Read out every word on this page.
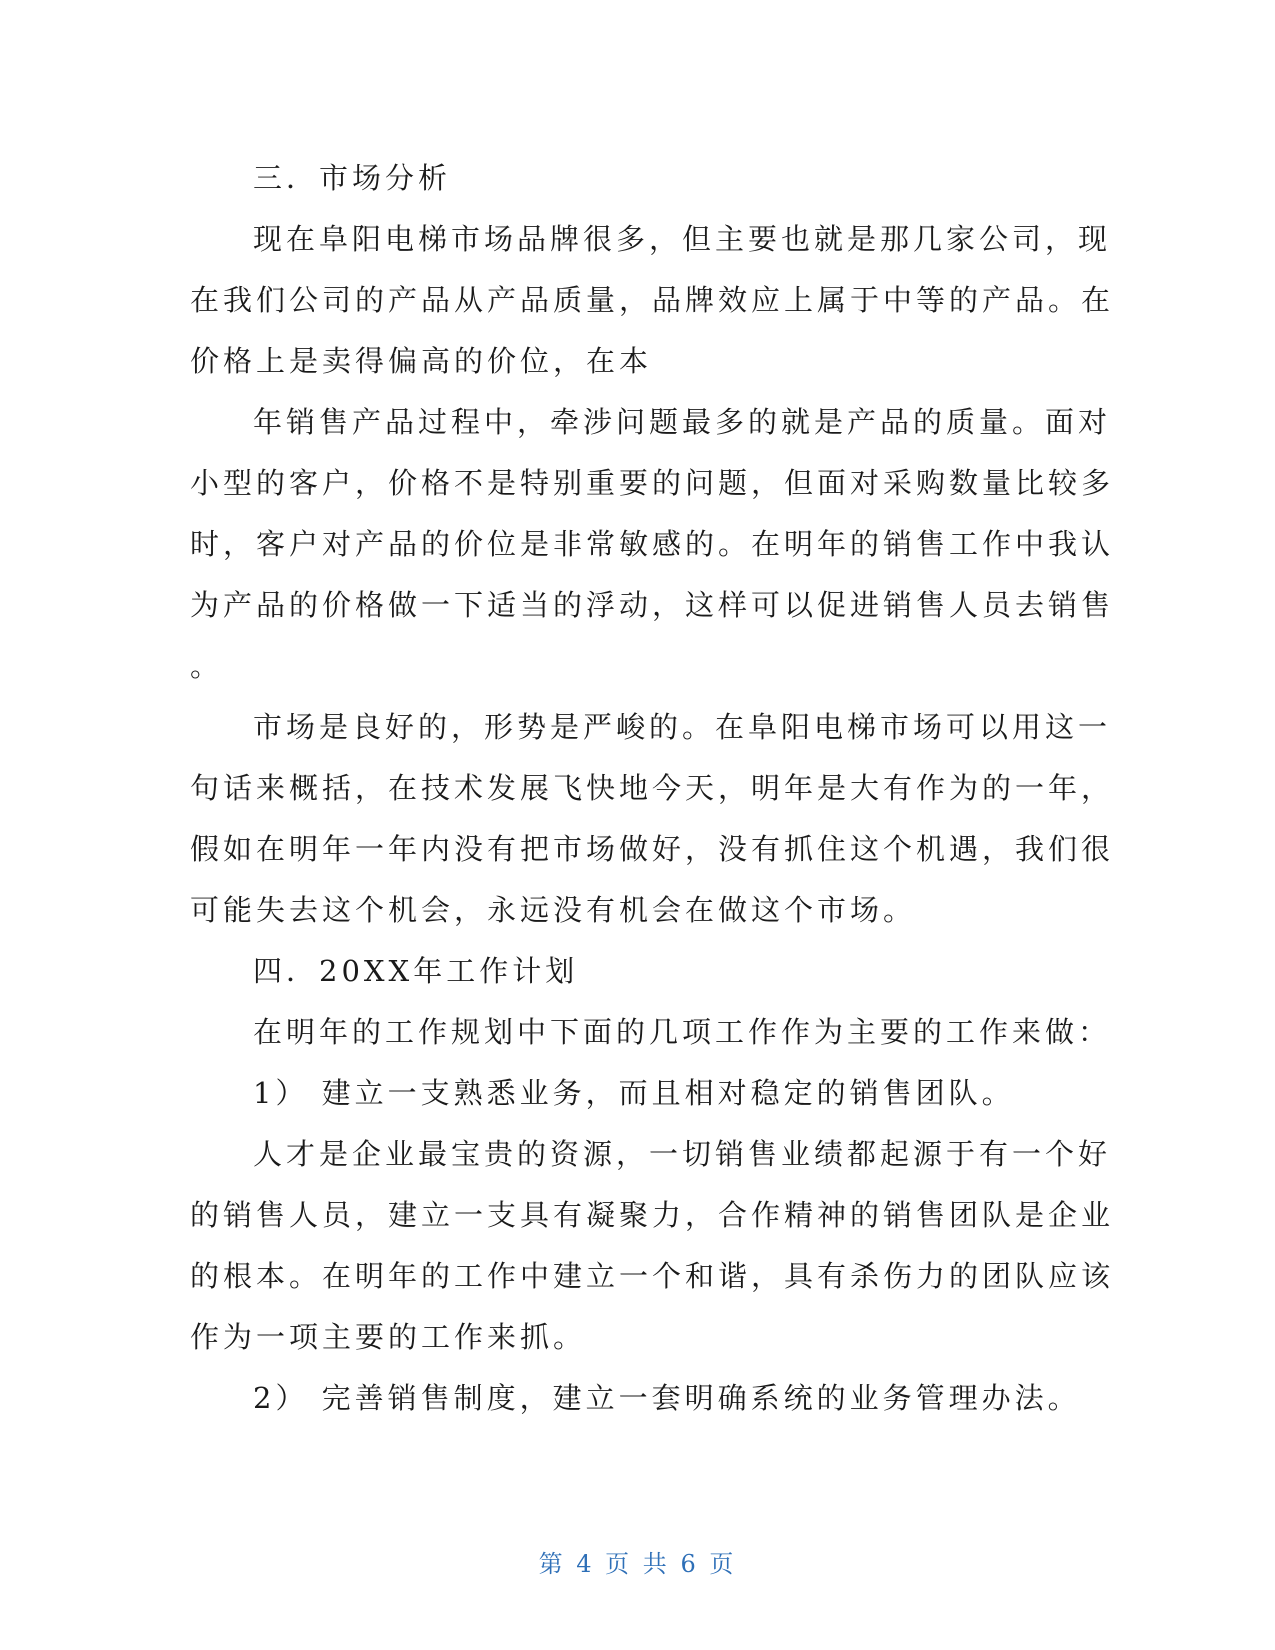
三．市场分析
现在阜阳电梯市场品牌很多，但主要也就是那几家公司，现
在我们公司的产品从产品质量，品牌效应上属于中等的产品。在
价格上是卖得偏高的价位，在本
年销售产品过程中，牵涉问题最多的就是产品的质量。面对
小型的客户，价格不是特别重要的问题，但面对采购数量比较多
时，客户对产品的价位是非常敏感的。在明年的销售工作中我认
为产品的价格做一下适当的浮动，这样可以促进销售人员去销售
。
市场是良好的，形势是严峻的。在阜阳电梯市场可以用这一
句话来概括，在技术发展飞快地今天，明年是大有作为的一年，
假如在明年一年内没有把市场做好，没有抓住这个机遇，我们很
可能失去这个机会，永远没有机会在做这个市场。
四．20XX年工作计划
在明年的工作规划中下面的几项工作作为主要的工作来做：
1） 建立一支熟悉业务，而且相对稳定的销售团队。
人才是企业最宝贵的资源，一切销售业绩都起源于有一个好
的销售人员，建立一支具有凝聚力，合作精神的销售团队是企业
的根本。在明年的工作中建立一个和谐，具有杀伤力的团队应该
作为一项主要的工作来抓。
2） 完善销售制度，建立一套明确系统的业务管理办法。
第 4 页 共 6 页
